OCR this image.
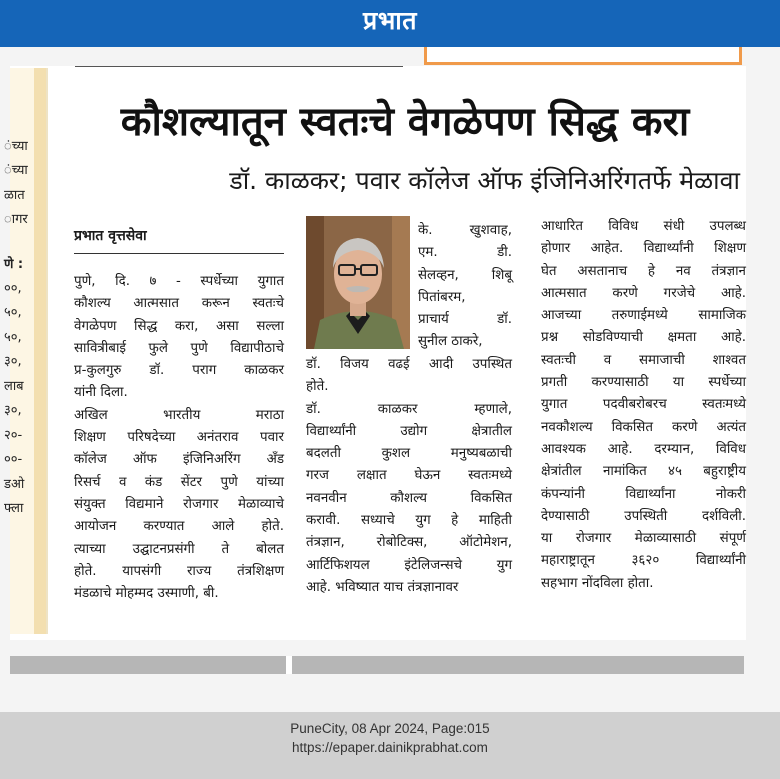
प्रभात
ंच्या
ंच्या
ळात
ागर
णे :
००,
५०,
५०,
३०,
लाब
३०,
२०-
००-
डओ
फ्ला
कौशल्यातून स्वतःचे वेगळेपण सिद्ध करा
डॉ. काळकर; पवार कॉलेज ऑफ इंजिनिअरिंगतर्फे मेळावा
प्रभात वृत्तसेवा
पुणे, दि. ७ - स्पर्धेच्या युगात
कौशल्य आत्मसात करून स्वतःचे
वेगळेपण सिद्ध करा, असा सल्ला
सावित्रीबाई फुले पुणे विद्यापीठाचे
प्र-कुलगुरु डॉ. पराग काळकर
यांनी दिला.
अखिल भारतीय मराठा
शिक्षण परिषदेच्या अनंतराव पवार
कॉलेज ऑफ इंजिनिअरिंग अँड
रिसर्च व कंड सेंटर पुणे यांच्या
संयुक्त विद्यमाने रोजगार मेळाव्याचे
आयोजन करण्यात आले होते.
त्याच्या उद्घाटनप्रसंगी ते बोलत
होते. यापसंगी राज्य तंत्रशिक्षण
मंडळाचे मोहम्मद उस्माणी, बी.
के. खुशवाह,
एम. डी.
सेलव्हन, शिबू
पितांबरम,
प्राचार्य डॉ.
सुनील ठाकरे,
डॉ. विजय वढई आदी उपस्थित
होते.
डॉ. काळकर म्हणाले,
विद्यार्थ्यांनी उद्योग क्षेत्रातील
बदलती कुशल मनुष्यबळाची
गरज लक्षात घेऊन स्वतःमध्ये
नवनवीन कौशल्य विकसित
करावी. सध्याचे युग हे माहिती
तंत्रज्ञान, रोबोटिक्स, ऑटोमेशन,
आर्टिफिशयल इंटेलिजन्सचे युग
आहे. भविष्यात याच तंत्रज्ञानावर
आधारित विविध संधी उपलब्ध
होणार आहेत. विद्यार्थ्यांनी शिक्षण
घेत असतानाच हे नव तंत्रज्ञान
आत्मसात करणे गरजेचे आहे.
आजच्या तरुणाईमध्ये सामाजिक
प्रश्न सोडविण्याची क्षमता आहे.
स्वतःची व समाजाची शाश्वत
प्रगती करण्यासाठी या स्पर्धेच्या
युगात पदवीबरोबरच स्वतःमध्ये
नवकौशल्य विकसित करणे अत्यंत
आवश्यक आहे. दरम्यान, विविध
क्षेत्रांतील नामांकित ४५ बहुराष्ट्रीय
कंपन्यांनी विद्यार्थ्यांना नोकरी
देण्यासाठी उपस्थिती दर्शविली.
या रोजगार मेळाव्यासाठी संपूर्ण
महाराष्ट्रातून ३६२० विद्यार्थ्यांनी
सहभाग नोंदविला होता.
PuneCity, 08 Apr 2024, Page:015
https://epaper.dainikprabhat.com
